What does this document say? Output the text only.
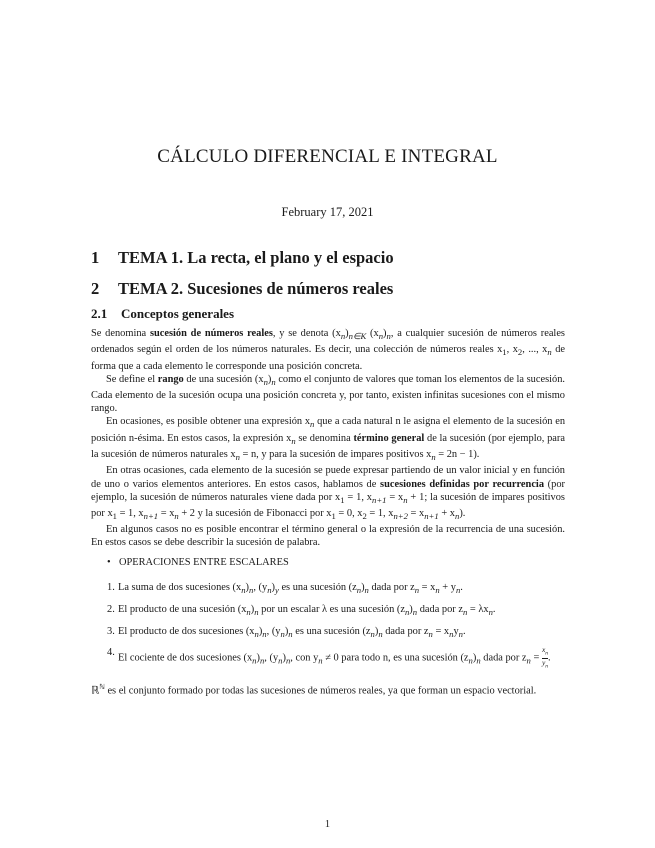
CÁLCULO DIFERENCIAL E INTEGRAL
February 17, 2021
1 TEMA 1. La recta, el plano y el espacio
2 TEMA 2. Sucesiones de números reales
2.1 Conceptos generales

Se denomina sucesión de números reales, y se denota $(x_n)_{n\in K}$ $(x_n)_n$, a cualquier sucesión de números reales ordenados según el orden de los números naturales. Es decir, una colección de números reales $x_1$, $x_2$, ..., $x_n$ de forma que a cada elemento le corresponde una posición concreta.

Se define el rango de una sucesión $(x_n)_n$ como el conjunto de valores que toman los elementos de la sucesión. Cada elemento de la sucesión ocupa una posición concreta y, por tanto, existen infinitas sucesiones con el mismo rango.

En ocasiones, es posible obtener una expresión $x_n$ que a cada natural n le asigna el elemento de la sucesión en posición n-ésima. En estos casos, la expresión $x_n$ se denomina término general de la sucesión (por ejemplo, para la sucesión de números naturales $x_n = n$, y para la sucesión de impares positivos $x_n = 2n - 1$).

En otras ocasiones, cada elemento de la sucesión se puede expresar partiendo de un valor inicial y en función de uno o varios elementos anteriores. En estos casos, hablamos de sucesiones definidas por recurrencia (por ejemplo, la sucesión de números naturales viene dada por $x_1 = 1$, $x_{n+1} = x_n + 1$; la sucesión de impares positivos por $x_1 = 1$, $x_{n+1} = x_n + 2$ y la sucesión de Fibonacci por $x_1 = 0$, $x_2 = 1$, $x_{n+2} = x_{n+1} + x_n$).

En algunos casos no es posible encontrar el término general o la expresión de la recurrencia de una sucesión. En estos casos se debe describir la sucesión de palabra.

• OPERACIONES ENTRE ESCALARES
1. La suma de dos sucesiones $(x_n)_n$, $(y_n)_y$ es una sucesión $(z_n)_n$ dada por $z_n = x_n + y_n$.
2. El producto de una sucesión $(x_n)_n$ por un escalar λ es una sucesión $(z_n)_n$ dada por $z_n = \lambda x_n$.
3. El producto de dos sucesiones $(x_n)_n$, $(y_n)_n$ es una sucesión $(z_n)_n$ dada por $z_n = x_ny_n$.
4. El cociente de dos sucesiones $(x_n)_n$, $(y_n)_n$, con $y_n \ne 0$ para todo n, es una sucesión $(z_n)_n$ dada por $z_n = \frac{x_n}{y_n}$ .
ℝ$^ℕ$ es el conjunto formado por todas las sucesiones de números reales, ya que forman un espacio vectorial.
1
